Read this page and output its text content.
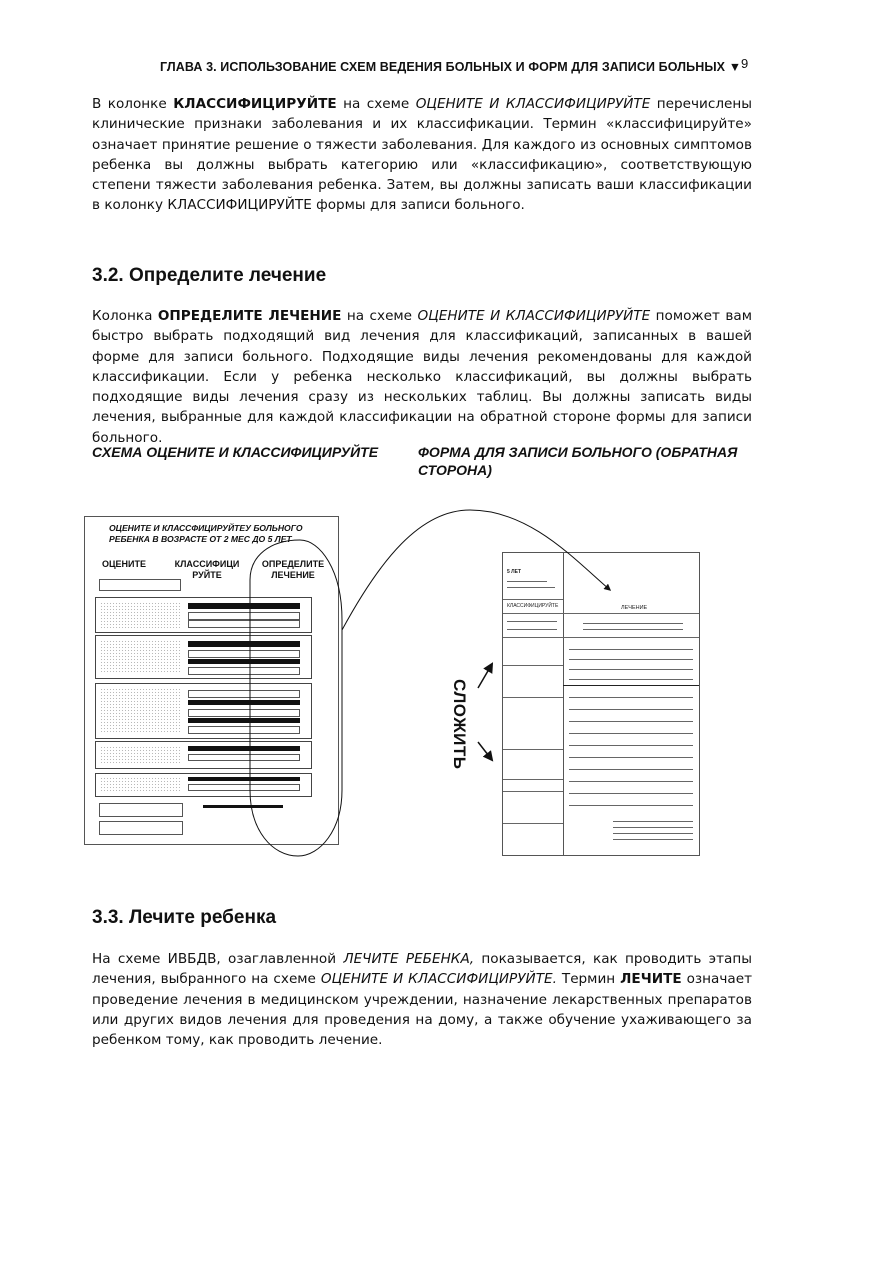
ГЛАВА 3. ИСПОЛЬЗОВАНИЕ СХЕМ ВЕДЕНИЯ БОЛЬНЫХ И ФОРМ ДЛЯ ЗАПИСИ БОЛЬНЫХ ▼ 9

В колонке КЛАССИФИЦИРУЙТЕ на схеме ОЦЕНИТЕ И КЛАССИФИЦИРУЙТЕ перечислены клинические признаки заболевания и их классификации. Термин «классифицируйте» означает принятие решение о тяжести заболевания. Для каждого из основных симптомов ребенка вы должны выбрать категорию или «классификацию», соответствующую степени тяжести заболевания ребенка. Затем, вы должны записать ваши классификации в колонку КЛАССИФИЦИРУЙТЕ формы для записи больного.

3.2. Определите лечение

Колонка ОПРЕДЕЛИТЕ ЛЕЧЕНИЕ на схеме ОЦЕНИТЕ И КЛАССИФИЦИРУЙТЕ поможет вам быстро выбрать подходящий вид лечения для классификаций, записанных в вашей форме для записи больного. Подходящие виды лечения рекомендованы для каждой классификации. Если у ребенка несколько классификаций, вы должны выбрать подходящие виды лечения сразу из нескольких таблиц. Вы должны записать виды лечения, выбранные для каждой классификации на обратной стороне формы для записи больного.

СХЕМА ОЦЕНИТЕ И КЛАССИФИЦИРУЙТЕ	ФОРМА ДЛЯ ЗАПИСИ БОЛЬНОГО (ОБРАТНАЯ СТОРОНА)
ОЦЕНИТЕ И КЛАССФИЦИРУЙТЕУ БОЛЬНОГО РЕБЕНКА В ВОЗРАСТЕ ОТ 2 МЕС ДО 5 ЛЕТ
ОЦЕНИТЕ	КЛАССИФИЦИ РУЙТЕ
ОПРЕДЕЛИТЕ ЛЕЧЕНИЕ	5 ЛЕТ
КЛАССИФИЦИРУЙТЕ	ЛЕЧЕНИЕ
СЛОЖИТЬ
3.3. Лечите ребенка

На схеме ИВБДВ, озаглавленной ЛЕЧИТЕ РЕБЕНКА, показывается, как проводить этапы лечения, выбранного на схеме ОЦЕНИТЕ И КЛАССИФИЦИРУЙТЕ. Термин ЛЕЧИТЕ означает проведение лечения в медицинском учреждении, назначение лекарственных препаратов или других видов лечения для проведения на дому, а также обучение ухаживающего за ребенком тому, как проводить лечение.
